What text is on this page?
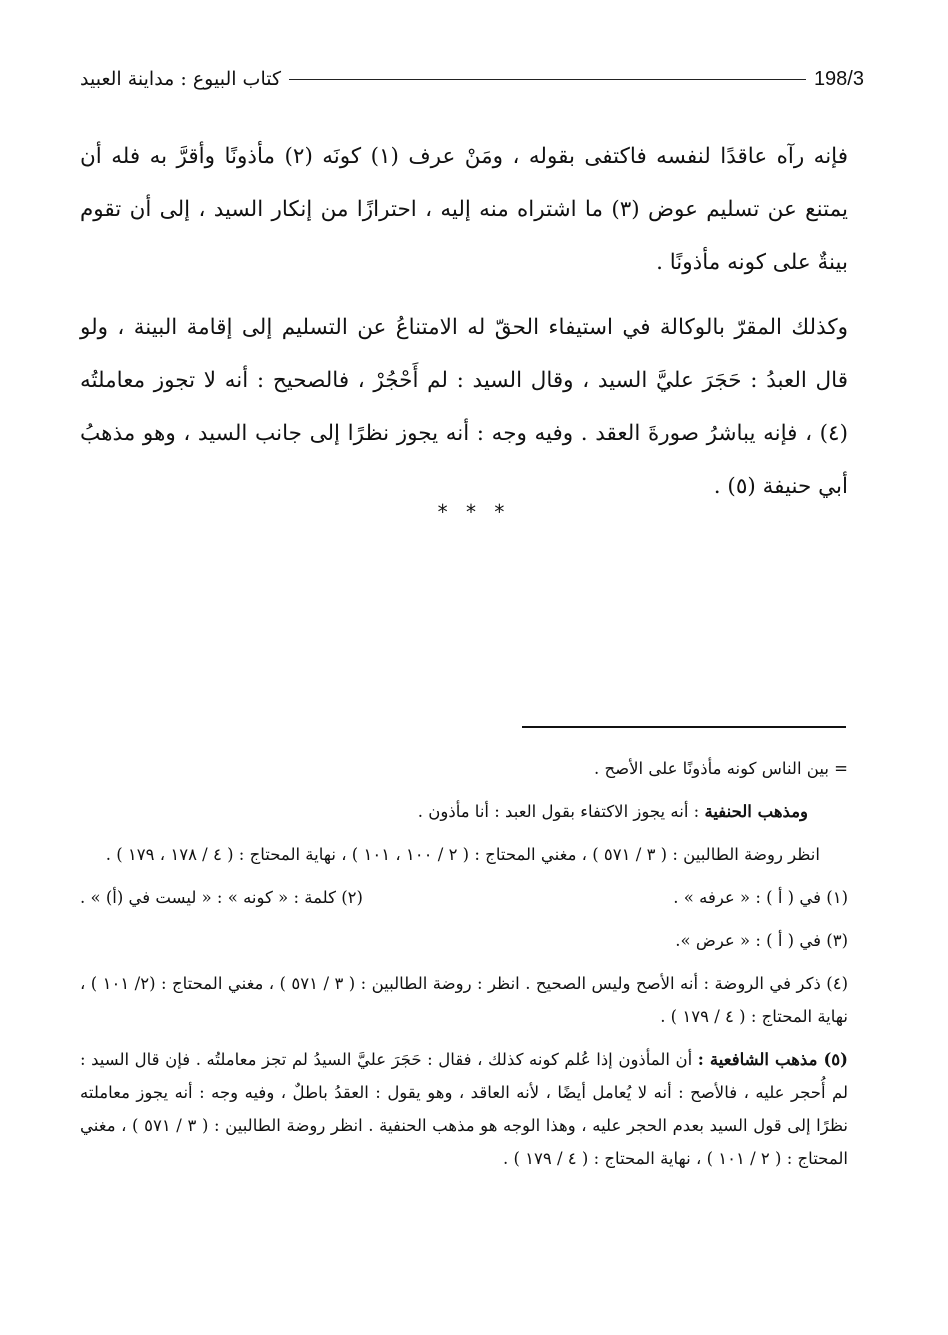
198/3
كتاب البيوع : مداينة العبيد

فإنه رآه عاقدًا لنفسه فاكتفى بقوله ، ومَنْ عرف (١) كونَه (٢) مأذونًا وأقرَّ به فله أن يمتنع عن تسليم عوض (٣) ما اشتراه منه إليه ، احترازًا من إنكار السيد ، إلى أن تقوم بينةٌ على كونه مأذونًا .

وكذلك المقرّ بالوكالة في استيفاء الحقّ له الامتناعُ عن التسليم إلى إقامة البينة ، ولو قال العبدُ : حَجَرَ عليَّ السيد ، وقال السيد : لم أَحْجُرْ ، فالصحيح : أنه لا تجوز معاملتُه (٤) ، فإنه يباشرُ صورةَ العقد . وفيه وجه : أنه يجوز نظرًا إلى جانب السيد ، وهو مذهبُ أبي حنيفة (٥) .

* * *

= بين الناس كونه مأذونًا على الأصح .

ومذهب الحنفية : أنه يجوز الاكتفاء بقول العبد : أنا مأذون .

انظر روضة الطالبين : ( ٣ / ٥٧١ ) ، مغني المحتاج : ( ٢ / ١٠٠ ، ١٠١ ) ، نهاية المحتاج : ( ٤ / ١٧٨ ، ١٧٩ ) .

(١) في ( أ ) : « عرفه » .
(٢) كلمة : « كونه » : « ليست في (أ) » .

(٣) في ( أ ) : « عرض ».

(٤) ذكر في الروضة : أنه الأصح وليس الصحيح . انظر : روضة الطالبين : ( ٣ / ٥٧١ ) ، مغني المحتاج : (٢/ ١٠١ ) ، نهاية المحتاج : ( ٤ / ١٧٩ ) .

(٥) مذهب الشافعية : أن المأذون إذا عُلم كونه كذلك ، فقال : حَجَرَ عليَّ السيدُ لم تجز معاملتُه . فإن قال السيد : لم أُحجر عليه ، فالأصح : أنه لا يُعامل أيضًا ، لأنه العاقد ، وهو يقول : العقدُ باطلٌ ، وفيه وجه : أنه يجوز معاملته نظرًا إلى قول السيد بعدم الحجر عليه ، وهذا الوجه هو مذهب الحنفية . انظر روضة الطالبين : ( ٣ / ٥٧١ ) ، مغني المحتاج : ( ٢ / ١٠١ ) ، نهاية المحتاج : ( ٤ / ١٧٩ ) .
